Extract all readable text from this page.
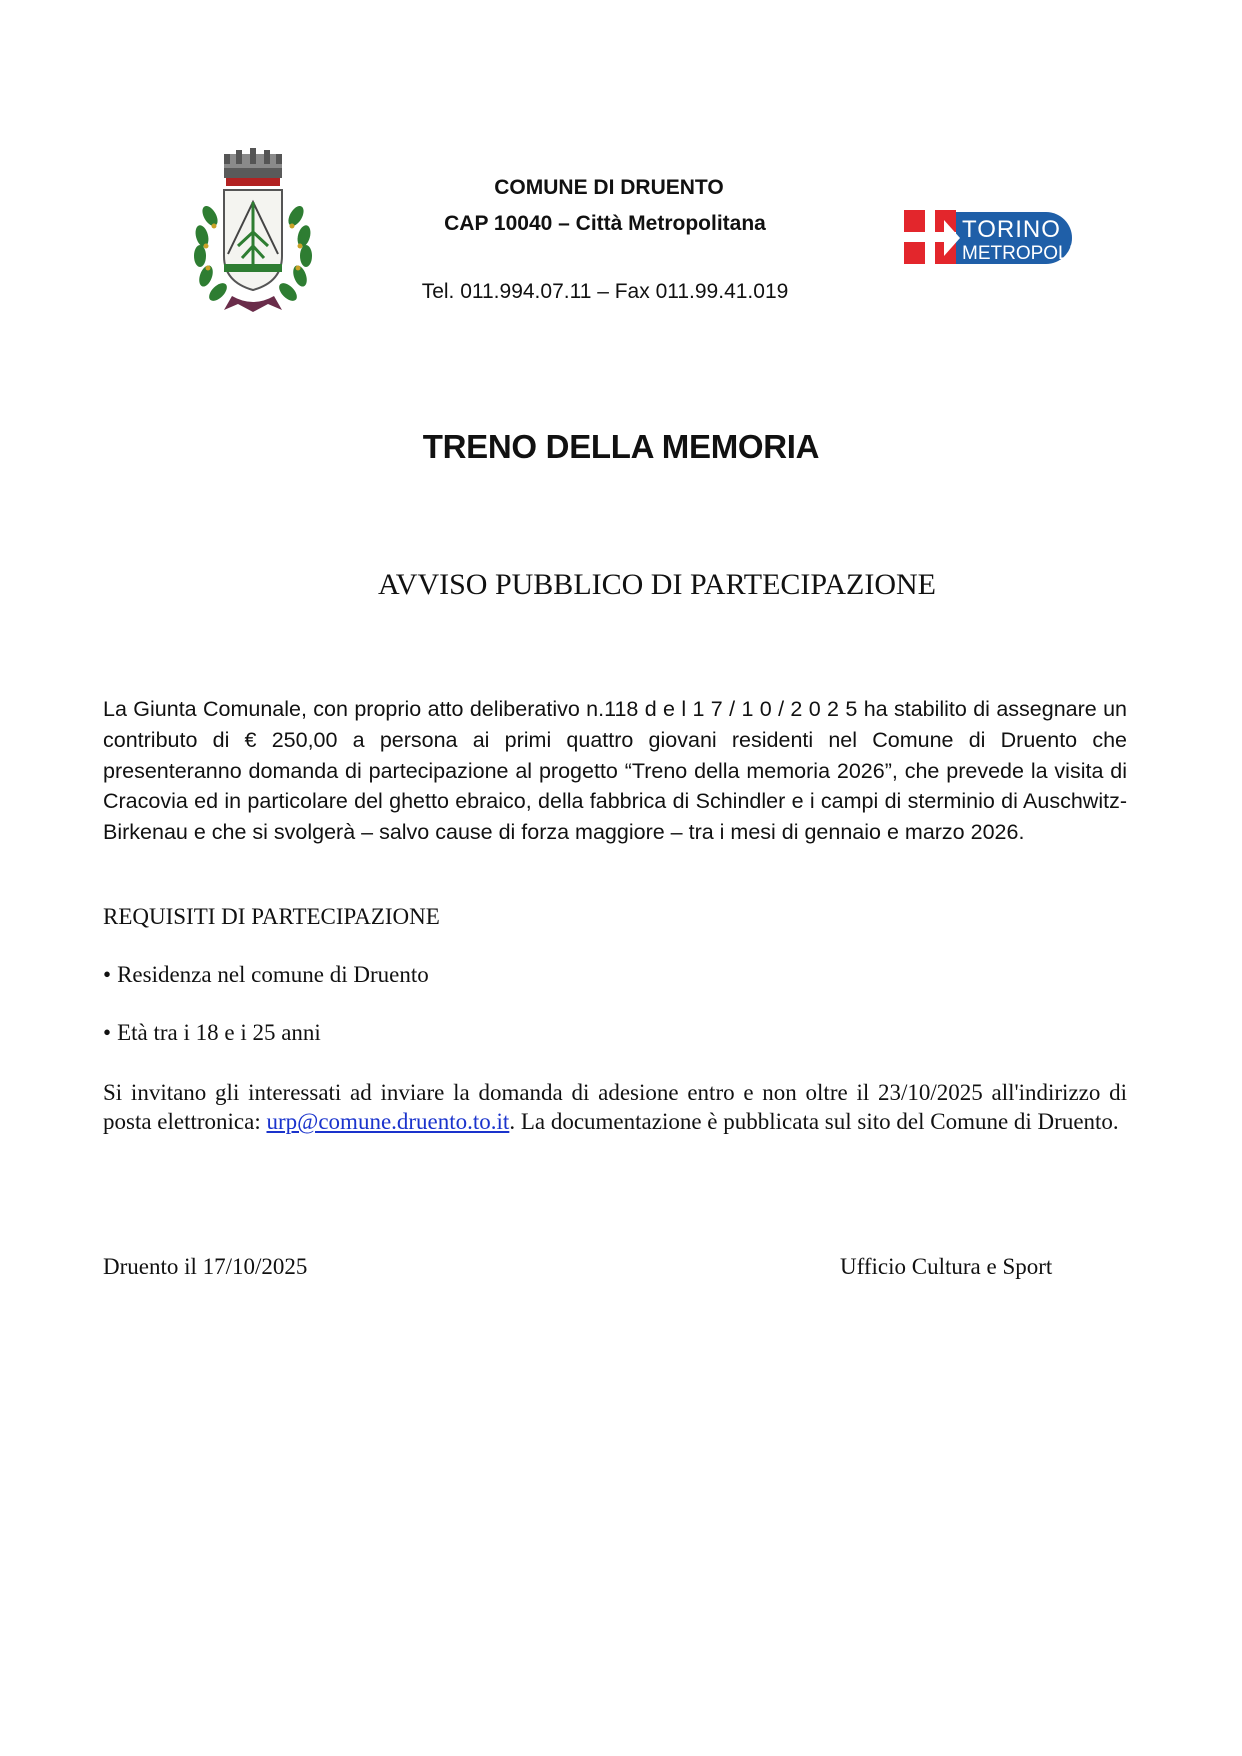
COMUNE DI DRUENTO
CAP 10040 – Città Metropolitana
Tel. 011.994.07.11 – Fax 011.99.41.019
TORINO
METROPOLI
TRENO DELLA MEMORIA
AVVISO PUBBLICO DI PARTECIPAZIONE
La Giunta Comunale, con proprio atto deliberativo n.118 d e l 1 7 / 1 0 / 2 0 2 5 ha stabilito di assegnare un contributo di € 250,00 a persona ai primi quattro giovani residenti nel Comune di Druento che presenteranno domanda di partecipazione al progetto “Treno della memoria 2026”, che prevede la visita di Cracovia ed in particolare del ghetto ebraico, della fabbrica di Schindler e i campi di sterminio di Auschwitz-Birkenau e che si svolgerà – salvo cause di forza maggiore – tra i mesi di gennaio e marzo 2026.
REQUISITI DI PARTECIPAZIONE
• Residenza nel comune di Druento
• Età tra i 18 e i 25 anni
Si invitano gli interessati ad inviare la domanda di adesione entro e non oltre il 23/10/2025 all'indirizzo di posta elettronica: urp@comune.druento.to.it. La documentazione è pubblicata sul sito del Comune di Druento.
Druento il 17/10/2025	Ufficio Cultura e Sport
